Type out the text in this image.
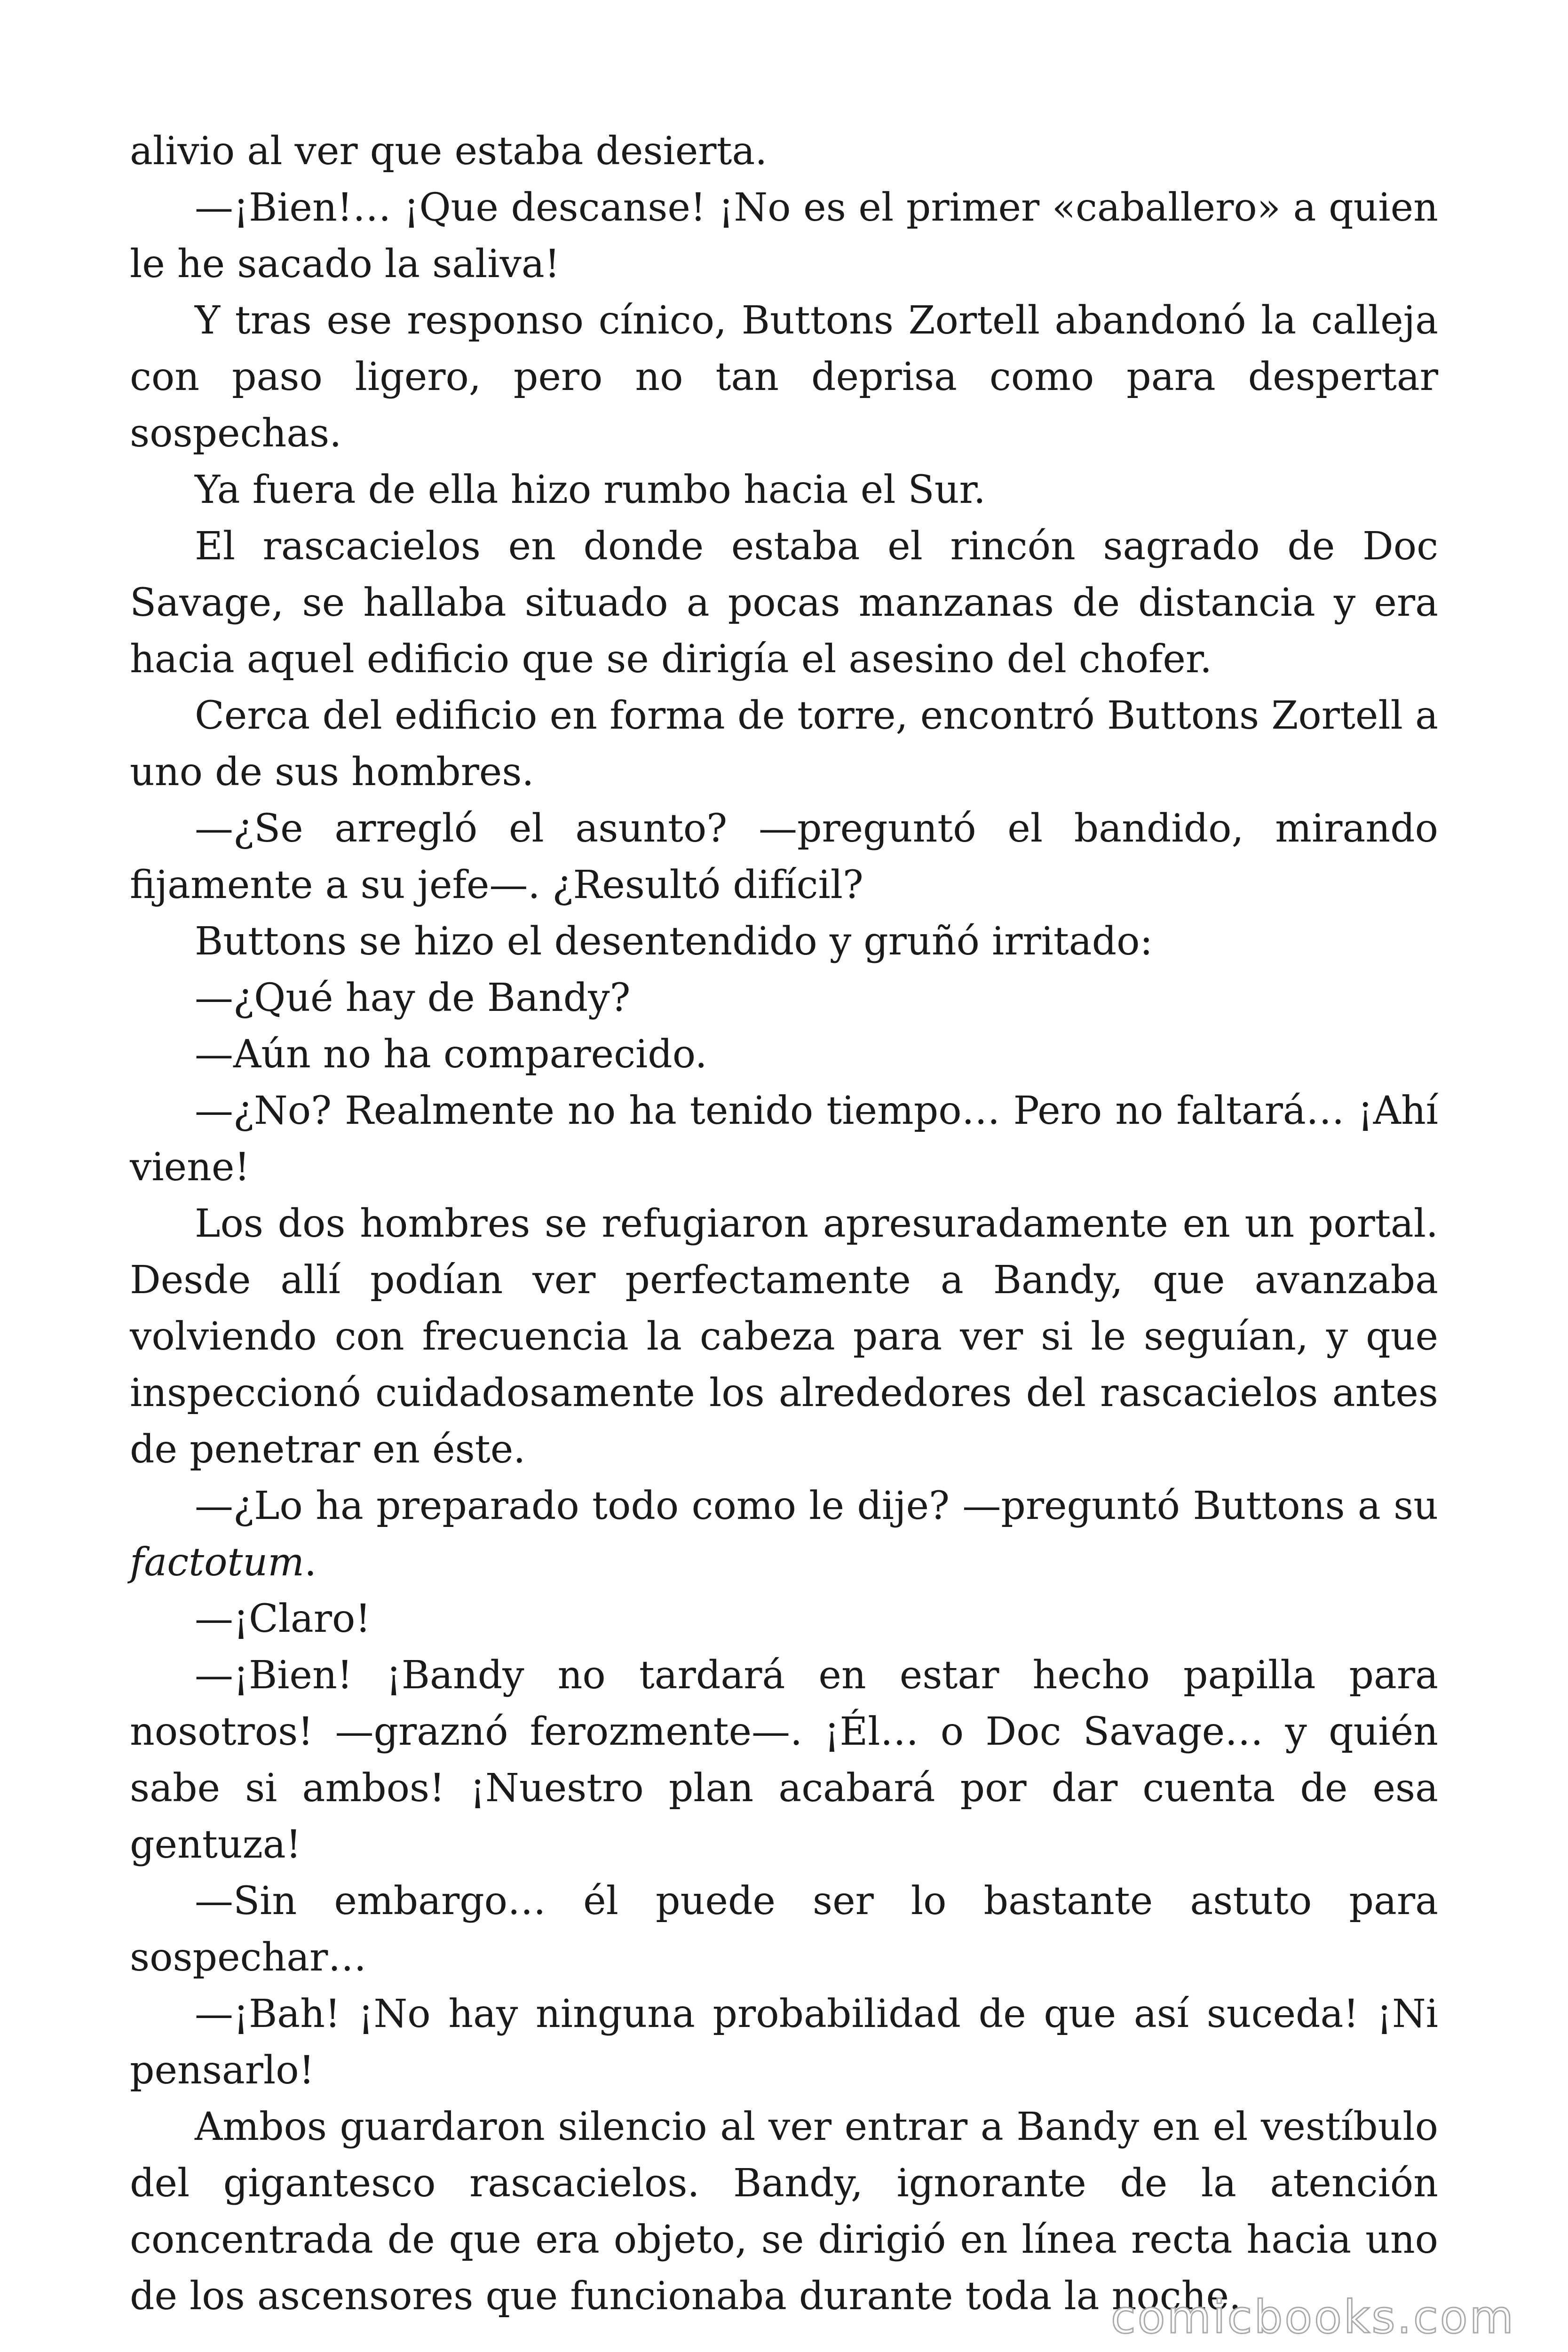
alivio al ver que estaba desierta.

—¡Bien!… ¡Que descanse! ¡No es el primer «caballero» a quien le he sacado la saliva!

Y tras ese responso cínico, Buttons Zortell abandonó la calleja con paso ligero, pero no tan deprisa como para despertar sospechas.

Ya fuera de ella hizo rumbo hacia el Sur.

El rascacielos en donde estaba el rincón sagrado de Doc Savage, se hallaba situado a pocas manzanas de distancia y era hacia aquel edificio que se dirigía el asesino del chofer.

Cerca del edificio en forma de torre, encontró Buttons Zortell a uno de sus hombres.

—¿Se arregló el asunto? —preguntó el bandido, mirando fijamente a su jefe—. ¿Resultó difícil?

Buttons se hizo el desentendido y gruñó irritado:

—¿Qué hay de Bandy?

—Aún no ha comparecido.

—¿No? Realmente no ha tenido tiempo… Pero no faltará… ¡Ahí viene!

Los dos hombres se refugiaron apresuradamente en un portal. Desde allí podían ver perfectamente a Bandy, que avanzaba volviendo con frecuencia la cabeza para ver si le seguían, y que inspeccionó cuidadosamente los alrededores del rascacielos antes de penetrar en éste.

—¿Lo ha preparado todo como le dije? —preguntó Buttons a su factotum.

—¡Claro!

—¡Bien! ¡Bandy no tardará en estar hecho papilla para nosotros! —graznó ferozmente—. ¡Él… o Doc Savage… y quién sabe si ambos! ¡Nuestro plan acabará por dar cuenta de esa gentuza!

—Sin embargo… él puede ser lo bastante astuto para sospechar…

—¡Bah! ¡No hay ninguna probabilidad de que así suceda! ¡Ni pensarlo!

Ambos guardaron silencio al ver entrar a Bandy en el vestíbulo del gigantesco rascacielos. Bandy, ignorante de la atención concentrada de que era objeto, se dirigió en línea recta hacia uno de los ascensores que funcionaba durante toda la noche.

comicbooks.com
